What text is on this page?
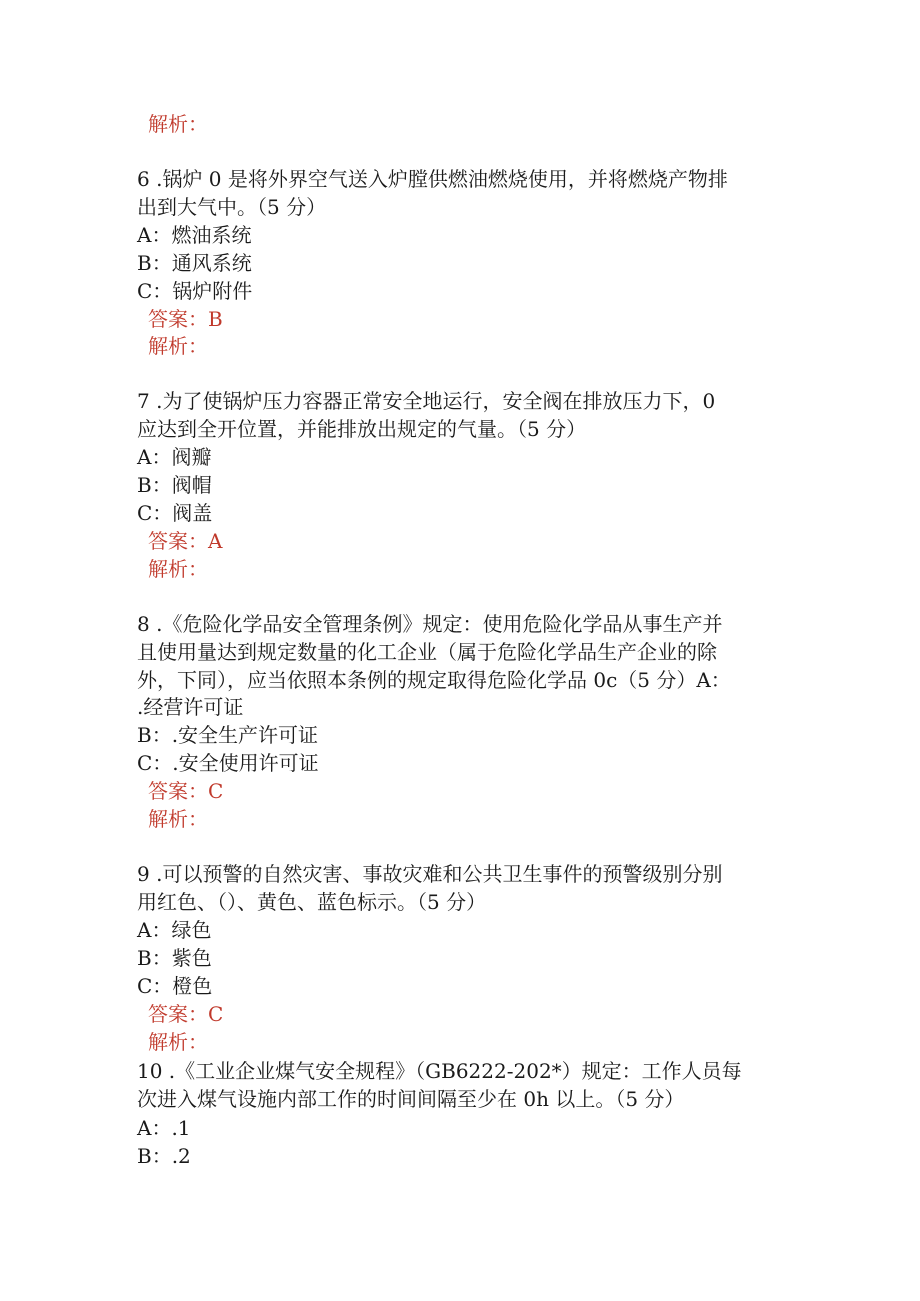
解析：
6 .锅炉 0 是将外界空气送入炉膛供燃油燃烧使用，并将燃烧产物排
出到大气中。（5 分）
A：燃油系统
B：通风系统
C：锅炉附件
答案：B
解析：
7 .为了使锅炉压力容器正常安全地运行，安全阀在排放压力下，0
应达到全开位置，并能排放出规定的气量。（5 分）
A：阀瓣
B：阀帽
C：阀盖
答案：A
解析：
8 .《危险化学品安全管理条例》规定：使用危险化学品从事生产并
且使用量达到规定数量的化工企业（属于危险化学品生产企业的除
外，下同），应当依照本条例的规定取得危险化学品 0c（5 分）A：
.经营许可证
B：.安全生产许可证
C：.安全使用许可证
答案：C
解析：
9 .可以预警的自然灾害、事故灾难和公共卫生事件的预警级别分别
用红色、（）、黄色、蓝色标示。（5 分）
A：绿色
B：紫色
C：橙色
答案：C
解析：
10 .《工业企业煤气安全规程》（GB6222-202*）规定：工作人员每
次进入煤气设施内部工作的时间间隔至少在 0h 以上。（5 分）
A：.1
B：.2
